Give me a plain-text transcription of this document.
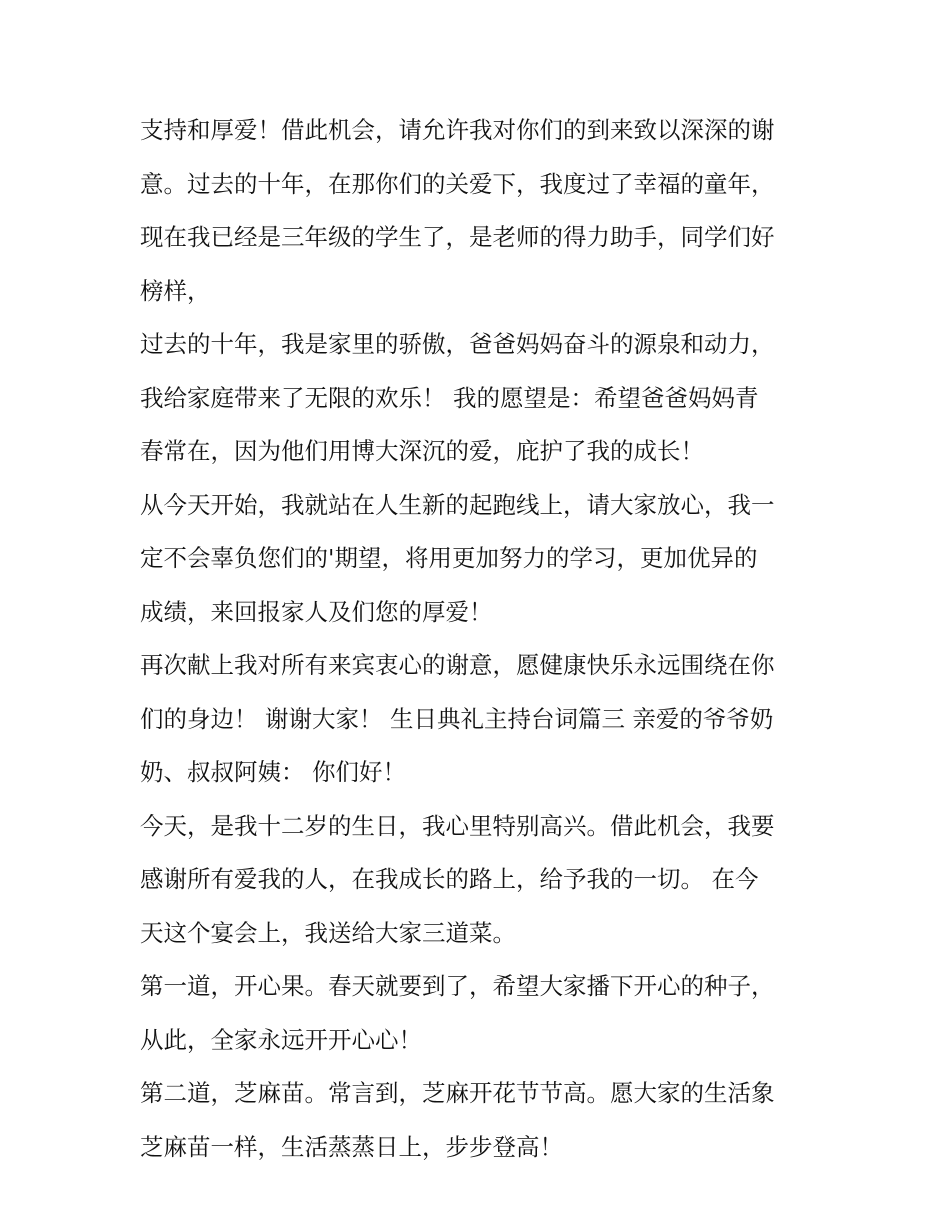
支持和厚爱！借此机会，请允许我对你们的到来致以深深的谢
意。过去的十年，在那你们的关爱下，我度过了幸福的童年，
现在我已经是三年级的学生了，是老师的得力助手，同学们好
榜样，
过去的十年，我是家里的骄傲，爸爸妈妈奋斗的源泉和动力，
我给家庭带来了无限的欢乐！ 我的愿望是：希望爸爸妈妈青
春常在，因为他们用博大深沉的爱，庇护了我的成长！
从今天开始，我就站在人生新的起跑线上，请大家放心，我一
定不会辜负您们的'期望，将用更加努力的学习，更加优异的
成绩，来回报家人及们您的厚爱！
再次献上我对所有来宾衷心的谢意，愿健康快乐永远围绕在你
们的身边！ 谢谢大家！ 生日典礼主持台词篇三 亲爱的爷爷奶
奶、叔叔阿姨： 你们好！
今天，是我十二岁的生日，我心里特别高兴。借此机会，我要
感谢所有爱我的人，在我成长的路上，给予我的一切。 在今
天这个宴会上，我送给大家三道菜。
第一道，开心果。春天就要到了，希望大家播下开心的种子，
从此，全家永远开开心心！
第二道，芝麻苗。常言到，芝麻开花节节高。愿大家的生活象
芝麻苗一样，生活蒸蒸日上，步步登高！
